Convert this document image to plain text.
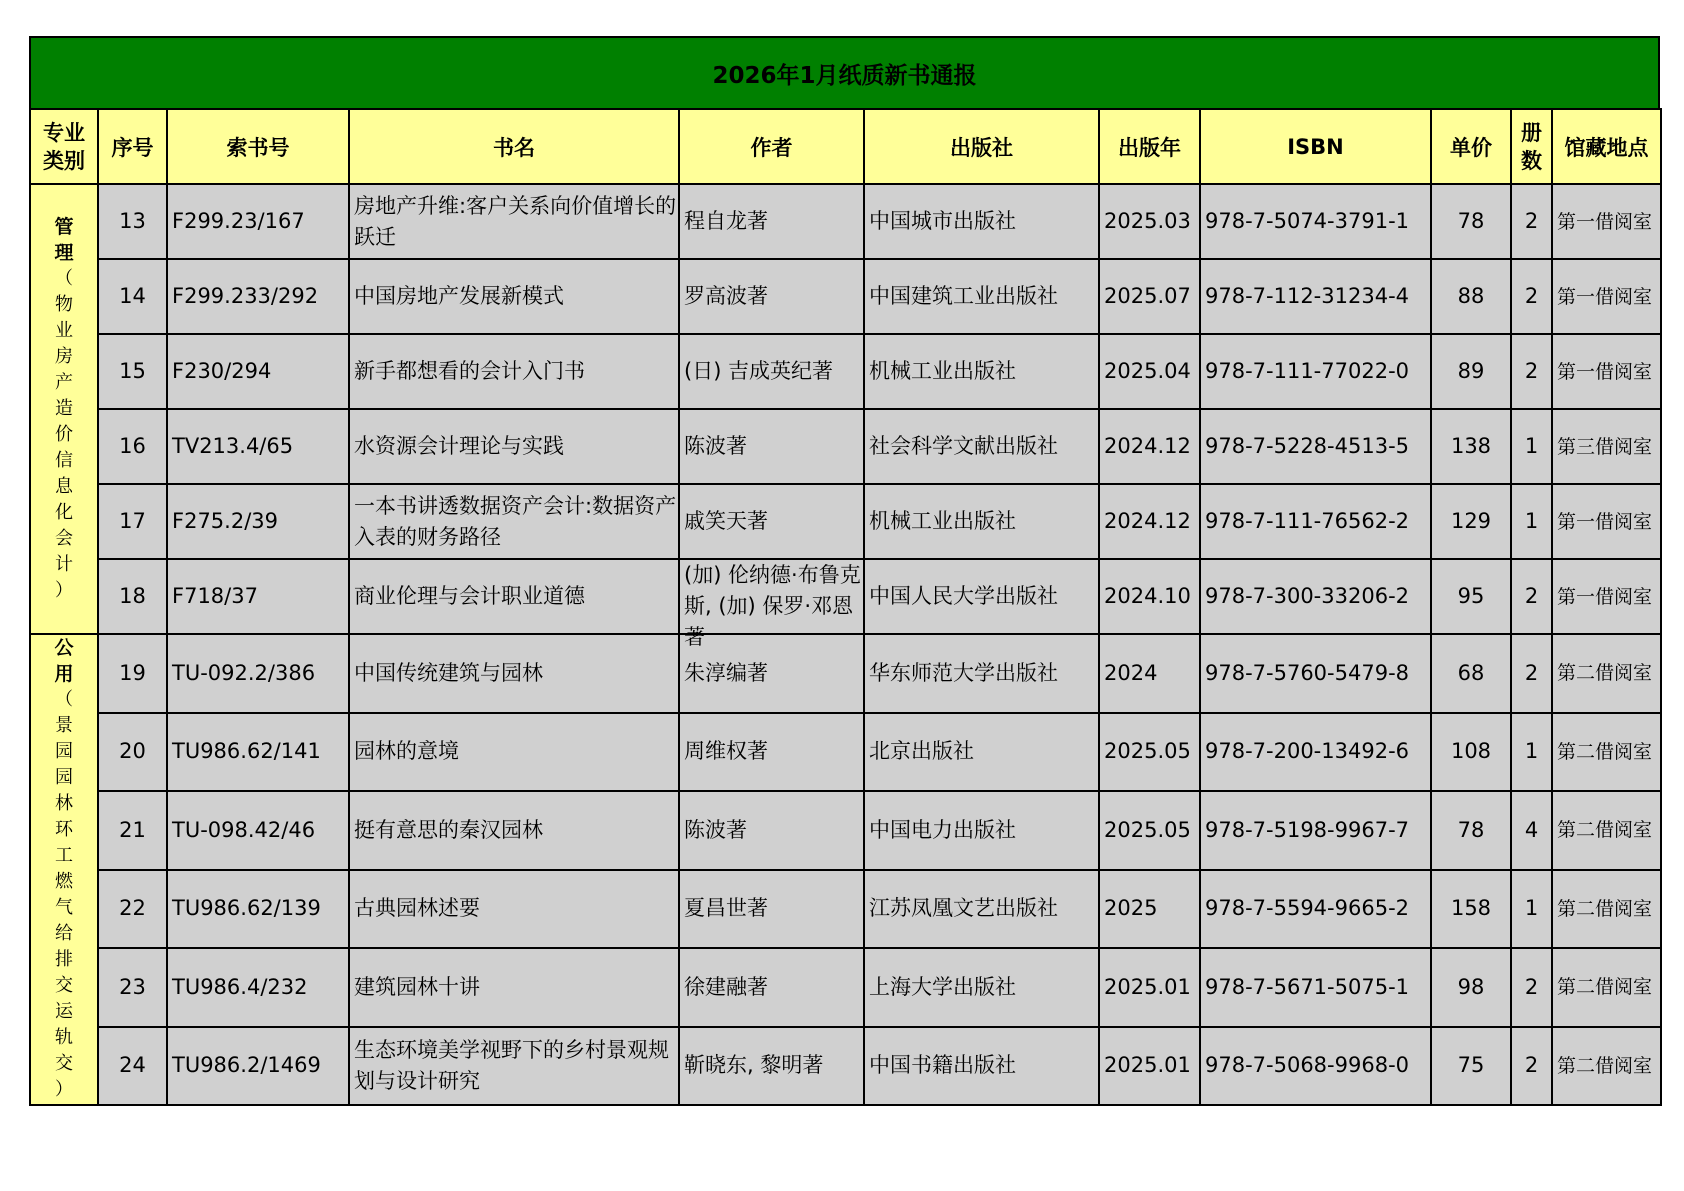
2026年1月纸质新书通报
专业类别	序号	索书号	书名	作者	出版社	出版年	ISBN	单价	册数	馆藏地点

管理
（物业房产造价信息化会计）	13	F299.23/167	房地产升维:客户关系向价值增长的跃迁	程自龙著	中国城市出版社	2025.03	978-7-5074-3791-1	78	2	第一借阅室

	14	F299.233/292	中国房地产发展新模式	罗高波著	中国建筑工业出版社	2025.07	978-7-112-31234-4	88	2	第一借阅室

	15	F230/294	新手都想看的会计入门书	(日) 吉成英纪著	机械工业出版社	2025.04	978-7-111-77022-0	89	2	第一借阅室

	16	TV213.4/65	水资源会计理论与实践	陈波著	社会科学文献出版社	2024.12	978-7-5228-4513-5	138	1	第三借阅室

	17	F275.2/39	一本书讲透数据资产会计:数据资产入表的财务路径	戚笑天著	机械工业出版社	2024.12	978-7-111-76562-2	129	1	第一借阅室

	18	F718/37	商业伦理与会计职业道德	(加) 伦纳德·布鲁克斯, (加) 保罗·邓恩著	中国人民大学出版社	2024.10	978-7-300-33206-2	95	2	第一借阅室

公用
（景园园林环工燃气给排交运轨交）	19	TU-092.2/386	中国传统建筑与园林	朱淳编著	华东师范大学出版社	2024	978-7-5760-5479-8	68	2	第二借阅室

	20	TU986.62/141	园林的意境	周维权著	北京出版社	2025.05	978-7-200-13492-6	108	1	第二借阅室

	21	TU-098.42/46	挺有意思的秦汉园林	陈波著	中国电力出版社	2025.05	978-7-5198-9967-7	78	4	第二借阅室

	22	TU986.62/139	古典园林述要	夏昌世著	江苏凤凰文艺出版社	2025	978-7-5594-9665-2	158	1	第二借阅室

	23	TU986.4/232	建筑园林十讲	徐建融著	上海大学出版社	2025.01	978-7-5671-5075-1	98	2	第二借阅室

	24	TU986.2/1469	生态环境美学视野下的乡村景观规划与设计研究	靳晓东, 黎明著	中国书籍出版社	2025.01	978-7-5068-9968-0	75	2	第二借阅室
